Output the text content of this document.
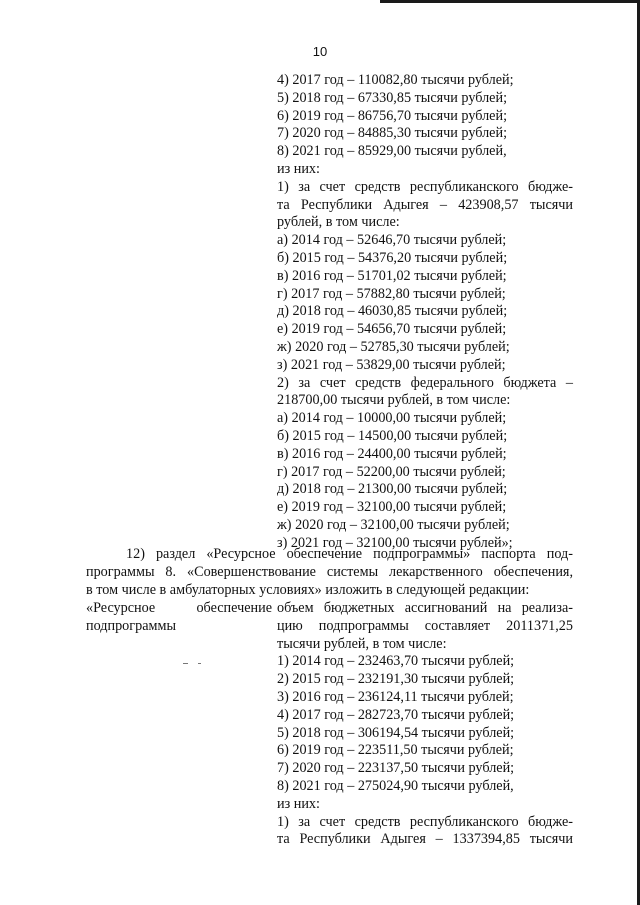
10
4) 2017 год – 110082,80 тысячи рублей;
5) 2018 год – 67330,85 тысячи рублей;
6) 2019 год – 86756,70 тысячи рублей;
7) 2020 год – 84885,30 тысячи рублей;
8) 2021 год – 85929,00 тысячи рублей,
из них:
1) за счет средств республиканского бюдже-
та Республики Адыгея – 423908,57 тысячи
рублей, в том числе:
а) 2014 год – 52646,70 тысячи рублей;
б) 2015 год – 54376,20 тысячи рублей;
в) 2016 год – 51701,02 тысячи рублей;
г) 2017 год – 57882,80 тысячи рублей;
д) 2018 год – 46030,85 тысячи рублей;
е) 2019 год – 54656,70 тысячи рублей;
ж) 2020 год – 52785,30 тысячи рублей;
з) 2021 год – 53829,00 тысячи рублей;
2) за счет средств федерального бюджета –
218700,00 тысячи рублей, в том числе:
а) 2014 год – 10000,00 тысячи рублей;
б) 2015 год – 14500,00 тысячи рублей;
в) 2016 год – 24400,00 тысячи рублей;
г) 2017 год – 52200,00 тысячи рублей;
д) 2018 год – 21300,00 тысячи рублей;
е) 2019 год – 32100,00 тысячи рублей;
ж) 2020 год – 32100,00 тысячи рублей;
з) 2021 год – 32100,00 тысячи рублей»;
12) раздел «Ресурсное обеспечение подпрограммы» паспорта под-
программы 8. «Совершенствование системы лекарственного обеспечения,
в том числе в амбулаторных условиях» изложить в следующей редакции:
«Ресурсное обеспечение
подпрограммы
объем бюджетных ассигнований на реализа-
цию подпрограммы составляет 2011371,25
тысячи рублей, в том числе:
1) 2014 год – 232463,70 тысячи рублей;
2) 2015 год – 232191,30 тысячи рублей;
3) 2016 год – 236124,11 тысячи рублей;
4) 2017 год – 282723,70 тысячи рублей;
5) 2018 год – 306194,54 тысячи рублей;
6) 2019 год – 223511,50 тысячи рублей;
7) 2020 год – 223137,50 тысячи рублей;
8) 2021 год – 275024,90 тысячи рублей,
из них:
1) за счет средств республиканского бюдже-
та Республики Адыгея – 1337394,85 тысячи
